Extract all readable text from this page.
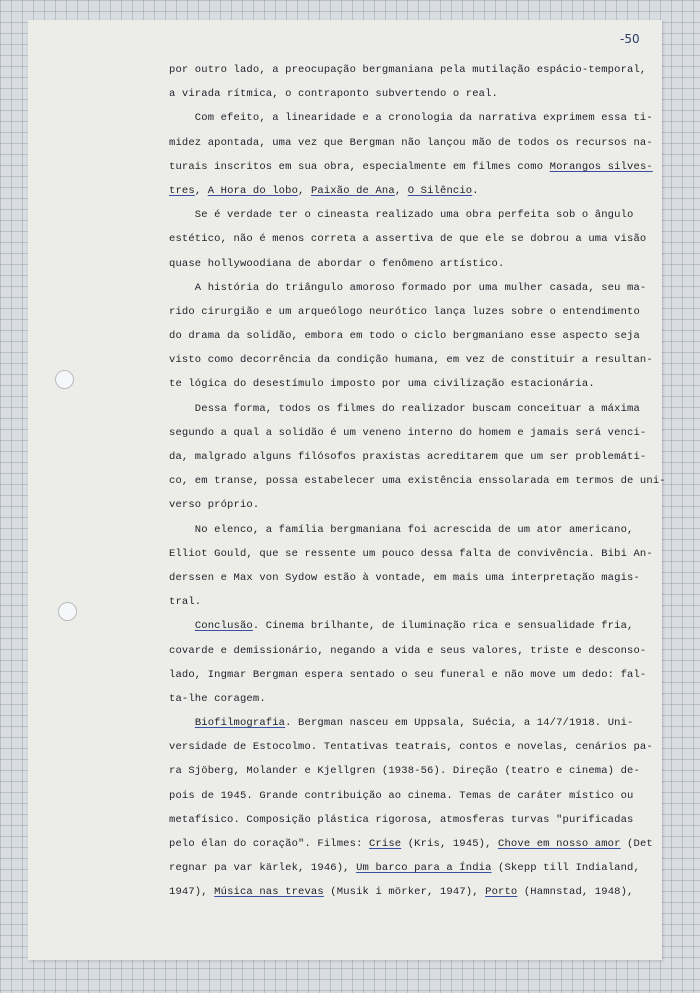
-50
por outro lado, a preocupação bergmaniana pela mutilação espácio-temporal,
a virada rítmica, o contraponto subvertendo o real.
Com efeito, a linearidade e a cronologia da narrativa exprimem essa ti-
midez apontada, uma vez que Bergman não lançou mão de todos os recursos na-
turais inscritos em sua obra, especialmente em filmes como Morangos silves-
tres, A Hora do lobo, Paixão de Ana, O Silêncio.
Se é verdade ter o cineasta realizado uma obra perfeita sob o ângulo
estético, não é menos correta a assertiva de que ele se dobrou a uma visão
quase hollywoodiana de abordar o fenômeno artístico.
A história do triângulo amoroso formado por uma mulher casada, seu ma-
rido cirurgião e um arqueólogo neurótico lança luzes sobre o entendimento
do drama da solidão, embora em todo o ciclo bergmaniano esse aspecto seja
visto como decorrência da condição humana, em vez de constituir a resultan-
te lógica do desestímulo imposto por uma civilização estacionária.
Dessa forma, todos os filmes do realizador buscam conceituar a máxima
segundo a qual a solidão é um veneno interno do homem e jamais será venci-
da, malgrado alguns filósofos praxistas acreditarem que um ser problemáti-
co, em transe, possa estabelecer uma existência enssolarada em termos de uni-
verso próprio.
No elenco, a família bergmaniana foi acrescida de um ator americano,
Elliot Gould, que se ressente um pouco dessa falta de convivência. Bibi An-
derssen e Max von Sydow estão à vontade, em mais uma interpretação magis-
tral.
Conclusão. Cinema brilhante, de iluminação rica e sensualidade fria,
covarde e demissionário, negando a vida e seus valores, triste e desconso-
lado, Ingmar Bergman espera sentado o seu funeral e não move um dedo: fal-
ta-lhe coragem.
Biofilmografia. Bergman nasceu em Uppsala, Suécia, a 14/7/1918. Uni-
versidade de Estocolmo. Tentativas teatrais, contos e novelas, cenários pa-
ra Sjöberg, Molander e Kjellgren (1938-56). Direção (teatro e cinema) de-
pois de 1945. Grande contribuição ao cinema. Temas de caráter místico ou
metafísico. Composição plástica rigorosa, atmosferas turvas "purificadas
pelo élan do coração". Filmes: Crise (Kris, 1945), Chove em nosso amor (Det
regnar pa var kärlek, 1946), Um barco para a Índia (Skepp till Indialand,
1947), Música nas trevas (Musik i mörker, 1947), Porto (Hamnstad, 1948),
